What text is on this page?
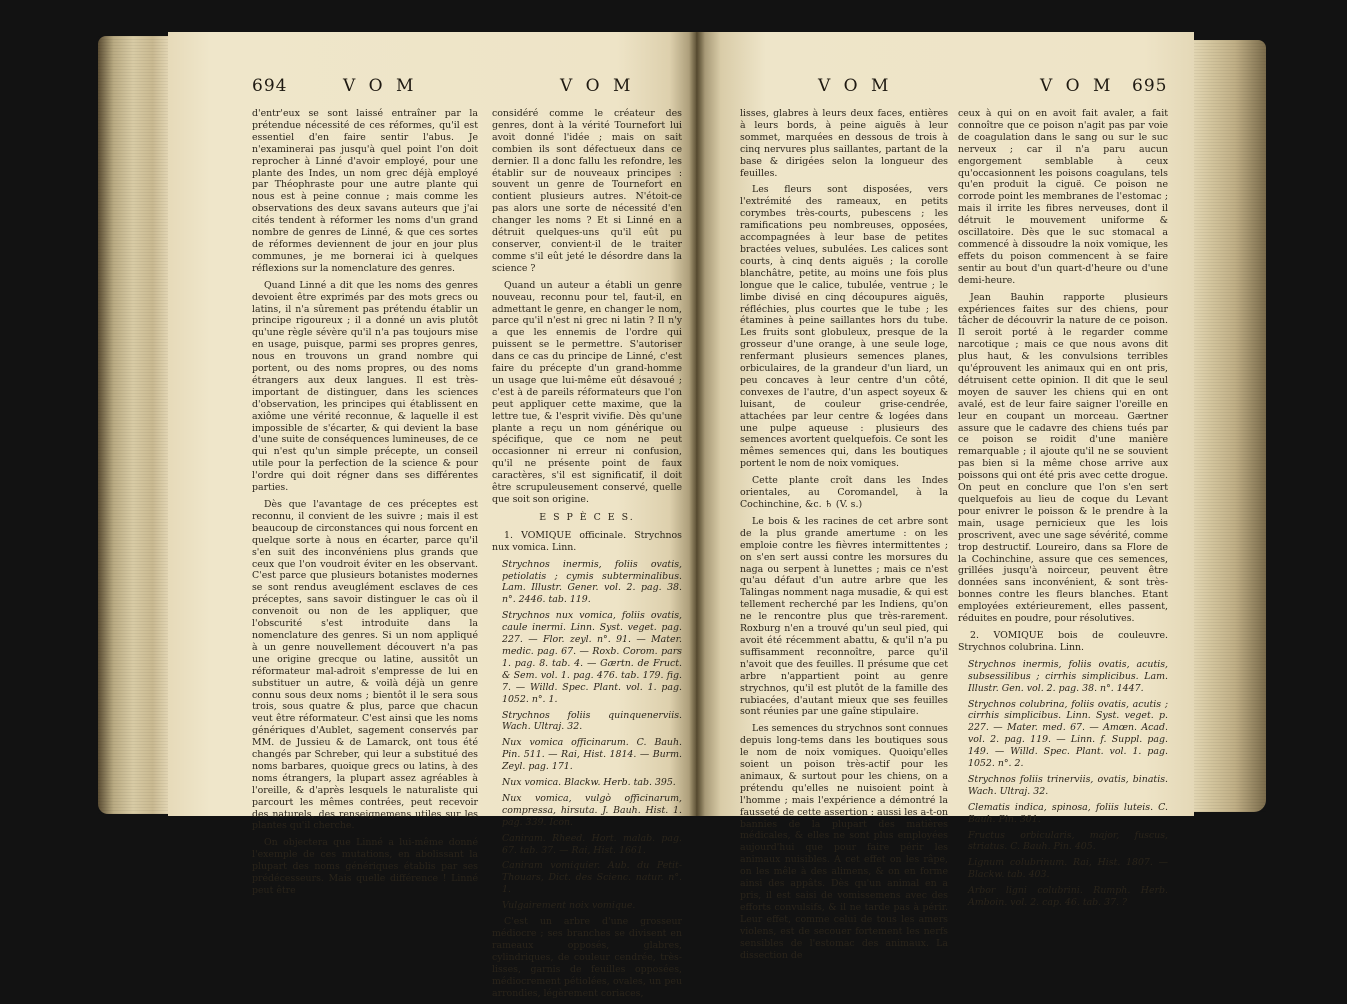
694	V O M	V O M

d'entr'eux se sont laissé entraîner par la prétendue nécessité de ces réformes, qu'il est essentiel d'en faire sentir l'abus. Je n'examinerai pas jusqu'à quel point l'on doit reprocher à Linné d'avoir employé, pour une plante des Indes, un nom grec déjà employé par Théophraste pour une autre plante qui nous est à peine connue ; mais comme les observations des deux savans auteurs que j'ai cités tendent à réformer les noms d'un grand nombre de genres de Linné, & que ces sortes de réformes deviennent de jour en jour plus communes, je me bornerai ici à quelques réflexions sur la nomenclature des genres.

Quand Linné a dit que les noms des genres devoient être exprimés par des mots grecs ou latins, il n'a sûrement pas prétendu établir un principe rigoureux ; il a donné un avis plutôt qu'une règle sévère qu'il n'a pas toujours mise en usage, puisque, parmi ses propres genres, nous en trouvons un grand nombre qui portent, ou des noms propres, ou des noms étrangers aux deux langues. Il est très-important de distinguer, dans les sciences d'observation, les principes qui établissent en axiôme une vérité reconnue, & laquelle il est impossible de s'écarter, & qui devient la base d'une suite de conséquences lumineuses, de ce qui n'est qu'un simple précepte, un conseil utile pour la perfection de la science & pour l'ordre qui doit régner dans ses différentes parties.

Dès que l'avantage de ces préceptes est reconnu, il convient de les suivre ; mais il est beaucoup de circonstances qui nous forcent en quelque sorte à nous en écarter, parce qu'il s'en suit des inconvéniens plus grands que ceux que l'on voudroit éviter en les observant. C'est parce que plusieurs botanistes modernes se sont rendus aveuglément esclaves de ces préceptes, sans savoir distinguer le cas où il convenoit ou non de les appliquer, que l'obscurité s'est introduite dans la nomenclature des genres. Si un nom appliqué à un genre nouvellement découvert n'a pas une origine grecque ou latine, aussitôt un réformateur mal-adroit s'empresse de lui en substituer un autre, & voilà déjà un genre connu sous deux noms ; bientôt il le sera sous trois, sous quatre & plus, parce que chacun veut être réformateur. C'est ainsi que les noms génériques d'Aublet, sagement conservés par MM. de Jussieu & de Lamarck, ont tous été changés par Schreber, qui leur a substitué des noms barbares, quoique grecs ou latins, à des noms étrangers, la plupart assez agréables à l'oreille, & d'après lesquels le naturaliste qui parcourt les mêmes contrées, peut recevoir des naturels, des renseignemens utiles sur les plantes qu'il cherche.

On objectera que Linné a lui-même donné l'exemple de ces mutations, en abolissant la plupart des noms génériques établis par ses prédécesseurs. Mais quelle différence ! Linné peut être

considéré comme le créateur des genres, dont à la vérité Tournefort lui avoit donné l'idée ; mais on sait combien ils sont défectueux dans ce dernier. Il a donc fallu les refondre, les établir sur de nouveaux principes : souvent un genre de Tournefort en contient plusieurs autres. N'étoit-ce pas alors une sorte de nécessité d'en changer les noms ? Et si Linné en a détruit quelques-uns qu'il eût pu conserver, convient-il de le traiter comme s'il eût jeté le désordre dans la science ?

Quand un auteur a établi un genre nouveau, reconnu pour tel, faut-il, en admettant le genre, en changer le nom, parce qu'il n'est ni grec ni latin ? Il n'y a que les ennemis de l'ordre qui puissent se le permettre. S'autoriser dans ce cas du principe de Linné, c'est faire du précepte d'un grand-homme un usage que lui-même eût désavoué ; c'est à de pareils réformateurs que l'on peut appliquer cette maxime, que la lettre tue, & l'esprit vivifie. Dès qu'une plante a reçu un nom générique ou spécifique, que ce nom ne peut occasionner ni erreur ni confusion, qu'il ne présente point de faux caractères, s'il est significatif, il doit être scrupuleusement conservé, quelle que soit son origine.

E S P È C E S.

1. VOMIQUE officinale. Strychnos nux vomica. Linn.

Strychnos inermis, foliis ovatis, petiolatis ; cymis subterminalibus. Lam. Illustr. Gener. vol. 2. pag. 38. n°. 2446. tab. 119.

Strychnos nux vomica, foliis ovatis, caule inermi. Linn. Syst. veget. pag. 227. — Flor. zeyl. n°. 91. — Mater. medic. pag. 67. — Roxb. Corom. pars 1. pag. 8. tab. 4. — Gærtn. de Fruct. & Sem. vol. 1. pag. 476. tab. 179. fig. 7. — Willd. Spec. Plant. vol. 1. pag. 1052. n°. 1.

Strychnos foliis quinquenerviis. Wach. Ultraj. 32.

Nux vomica officinarum. C. Bauh. Pin. 511. — Rai, Hist. 1814. — Burm. Zeyl. pag. 171.

Nux vomica. Blackw. Herb. tab. 395.

Nux vomica, vulgò officinarum, compressa, hirsuta. J. Bauh. Hist. 1. pag. 339. Icon.

Caniram. Rheed. Hort. malab. pag. 67. tab. 37. — Rai, Hist. 1661.

Caniram vomiquier. Aub. du Petit-Thouars, Dict. des Scienc. natur. n°. 1.

Vulgairement noix vomique.

C'est un arbre d'une grosseur médiocre ; ses branches se divisent en rameaux opposés, glabres, cylindriques, de couleur cendrée, très-lisses, garnis de feuilles opposées, médiocrement pétiolées, ovales, un peu arrondies, légèrement coriaces,

V O M	V O M 695

lisses, glabres à leurs deux faces, entières à leurs bords, à peine aiguës à leur sommet, marquées en dessous de trois à cinq nervures plus saillantes, partant de la base & dirigées selon la longueur des feuilles.

Les fleurs sont disposées, vers l'extrémité des rameaux, en petits corymbes très-courts, pubescens ; les ramifications peu nombreuses, opposées, accompagnées à leur base de petites bractées velues, subulées. Les calices sont courts, à cinq dents aiguës ; la corolle blanchâtre, petite, au moins une fois plus longue que le calice, tubulée, ventrue ; le limbe divisé en cinq découpures aiguës, réfléchies, plus courtes que le tube ; les étamines à peine saillantes hors du tube. Les fruits sont globuleux, presque de la grosseur d'une orange, à une seule loge, renfermant plusieurs semences planes, orbiculaires, de la grandeur d'un liard, un peu concaves à leur centre d'un côté, convexes de l'autre, d'un aspect soyeux & luisant, de couleur grise-cendrée, attachées par leur centre & logées dans une pulpe aqueuse : plusieurs des semences avortent quelquefois. Ce sont les mêmes semences qui, dans les boutiques portent le nom de noix vomiques.

Cette plante croît dans les Indes orientales, au Coromandel, à la Cochinchine, &c. ♄ (V. s.)

Le bois & les racines de cet arbre sont de la plus grande amertume : on les emploie contre les fièvres intermittentes ; on s'en sert aussi contre les morsures du naga ou serpent à lunettes ; mais ce n'est qu'au défaut d'un autre arbre que les Talingas nomment naga musadie, & qui est tellement recherché par les Indiens, qu'on ne le rencontre plus que très-rarement. Roxburg n'en a trouvé qu'un seul pied, qui avoit été récemment abattu, & qu'il n'a pu suffisamment reconnoître, parce qu'il n'avoit que des feuilles. Il présume que cet arbre n'appartient point au genre strychnos, qu'il est plutôt de la famille des rubiacées, d'autant mieux que ses feuilles sont réunies par une gaîne stipulaire.

Les semences du strychnos sont connues depuis long-tems dans les boutiques sous le nom de noix vomiques. Quoiqu'elles soient un poison très-actif pour les animaux, & surtout pour les chiens, on a prétendu qu'elles ne nuisoient point à l'homme ; mais l'expérience a démontré la fausseté de cette assertion : aussi les a-t-on bannies de la plupart des matières médicales, & elles ne sont plus employées aujourd'hui que pour faire périr les animaux nuisibles. A cet effet on les râpe, on les mêle à des alimens, & on en forme ainsi des appâts. Dès qu'un animal en a pris, il est saisi de vomissemens avec des efforts convulsifs, & il ne tarde pas à périr. Leur effet, comme celui de tous les amers violens, est de secouer fortement les nerfs sensibles de l'estomac des animaux. La dissection de

ceux à qui on en avoit fait avaler, a fait connoître que ce poison n'agit pas par voie de coagulation dans le sang ou sur le suc nerveux ; car il n'a paru aucun engorgement semblable à ceux qu'occasionnent les poisons coagulans, tels qu'en produit la ciguë. Ce poison ne corrode point les membranes de l'estomac ; mais il irrite les fibres nerveuses, dont il détruit le mouvement uniforme & oscillatoire. Dès que le suc stomacal a commencé à dissoudre la noix vomique, les effets du poison commencent à se faire sentir au bout d'un quart-d'heure ou d'une demi-heure.

Jean Bauhin rapporte plusieurs expériences faites sur des chiens, pour tâcher de découvrir la nature de ce poison. Il seroit porté à le regarder comme narcotique ; mais ce que nous avons dit plus haut, & les convulsions terribles qu'éprouvent les animaux qui en ont pris, détruisent cette opinion. Il dit que le seul moyen de sauver les chiens qui en ont avalé, est de leur faire saigner l'oreille en leur en coupant un morceau. Gærtner assure que le cadavre des chiens tués par ce poison se roidit d'une manière remarquable ; il ajoute qu'il ne se souvient pas bien si la même chose arrive aux poissons qui ont été pris avec cette drogue. On peut en conclure que l'on s'en sert quelquefois au lieu de coque du Levant pour enivrer le poisson & le prendre à la main, usage pernicieux que les lois proscrivent, avec une sage sévérité, comme trop destructif. Loureiro, dans sa Flore de la Cochinchine, assure que ces semences, grillées jusqu'à noirceur, peuvent être données sans inconvénient, & sont très-bonnes contre les fleurs blanches. Etant employées extérieurement, elles passent, réduites en poudre, pour résolutives.

2. VOMIQUE bois de couleuvre. Strychnos colubrina. Linn.

Strychnos inermis, foliis ovatis, acutis, subsessilibus ; cirrhis simplicibus. Lam. Illustr. Gen. vol. 2. pag. 38. n°. 1447.

Strychnos colubrina, foliis ovatis, acutis ; cirrhis simplicibus. Linn. Syst. veget. p. 227. — Mater. med. 67. — Amœn. Acad. vol. 2. pag. 119. — Linn. f. Suppl. pag. 149. — Willd. Spec. Plant. vol. 1. pag. 1052. n°. 2.

Strychnos foliis trinerviis, ovatis, binatis. Wach. Ultraj. 32.

Clematis indica, spinosa, foliis luteis. C. Bauh. Pin. 301.

Fructus orbicularis, major, fuscus, striatus. C. Bauh. Pin. 405.

Lignum colubrinum. Rai, Hist. 1807. — Blackw. tab. 403.

Arbor ligni colubrini. Rumph. Herb. Amboin. vol. 2. cap. 46. tab. 37. ?
